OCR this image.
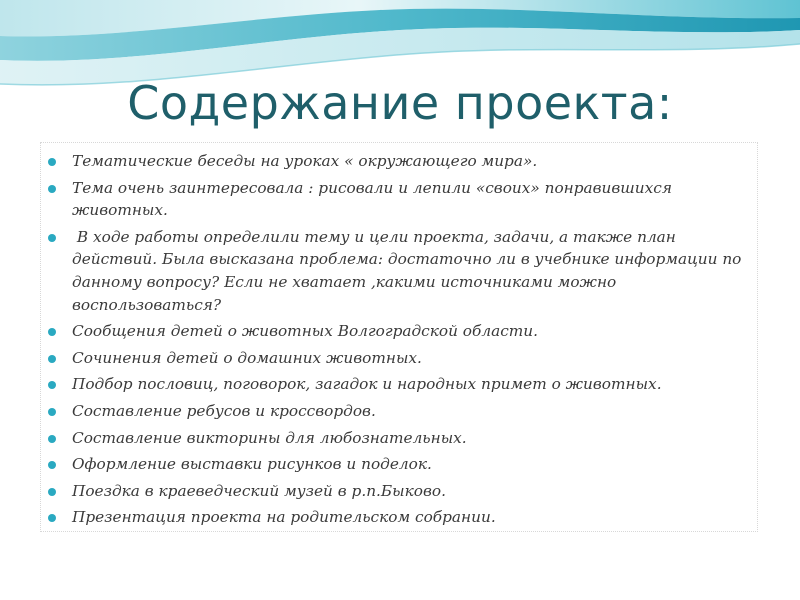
Содержание проекта:
Тематические беседы на уроках « окружающего мира».
Тема очень заинтересовала : рисовали и лепили «своих» понравившихся животных.
В ходе работы определили тему и цели проекта, задачи, а также план действий. Была высказана проблема: достаточно ли в учебнике информации по данному вопросу? Если не хватает ,какими источниками можно воспользоваться?
Сообщения детей о животных Волгоградской области.
Сочинения детей о домашних животных.
Подбор пословиц, поговорок, загадок и народных примет о животных.
Составление ребусов и кроссвордов.
Составление викторины для любознательных.
Оформление выставки рисунков и поделок.
Поездка в краеведческий музей в р.п.Быково.
Презентация проекта на родительском собрании.
